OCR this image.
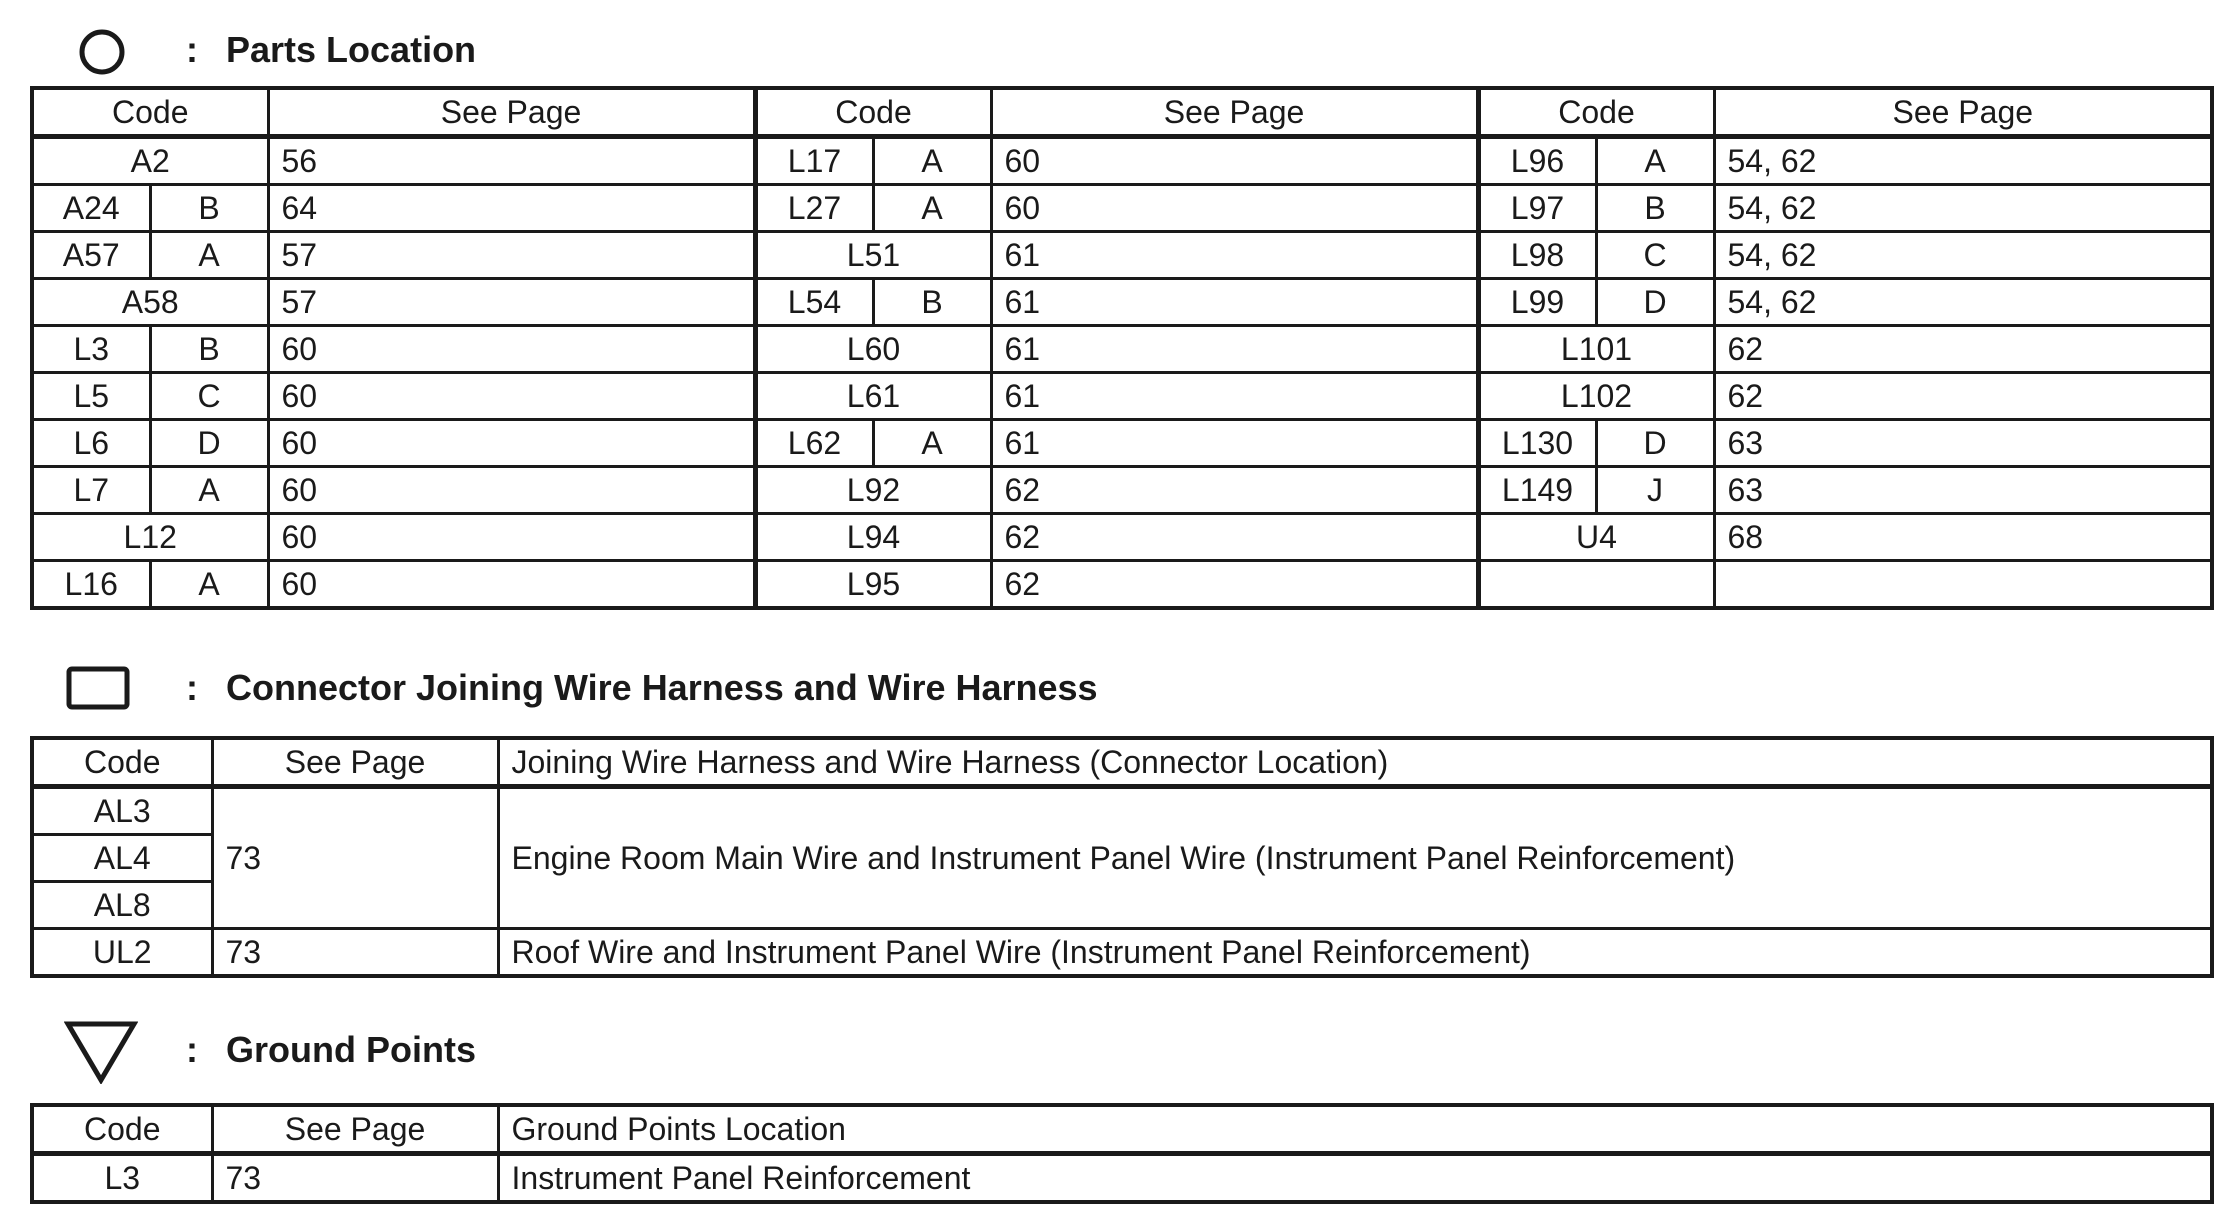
: Parts Location
Code		See Page	Code		See Page	Code		See Page
A2		56	L17	A	60	L96	A	54, 62
A24	B	64	L27	A	60	L97	B	54, 62
A57	A	57	L51		61	L98	C	54, 62
A58		57	L54	B	61	L99	D	54, 62
L3	B	60	L60		61	L101		62
L5	C	60	L61		61	L102		62
L6	D	60	L62	A	61	L130	D	63
L7	A	60	L92		62	L149	J	63
L12		60	L94		62	U4		68
L16	A	60	L95		62			
: Connector Joining Wire Harness and Wire Harness
Code	See Page	Joining Wire Harness and Wire Harness (Connector Location)
AL3	73	Engine Room Main Wire and Instrument Panel Wire (Instrument Panel Reinforcement)
AL4		
AL8		
UL2	73	Roof Wire and Instrument Panel Wire (Instrument Panel Reinforcement)
: Ground Points
Code	See Page	Ground Points Location
L3	73	Instrument Panel Reinforcement
